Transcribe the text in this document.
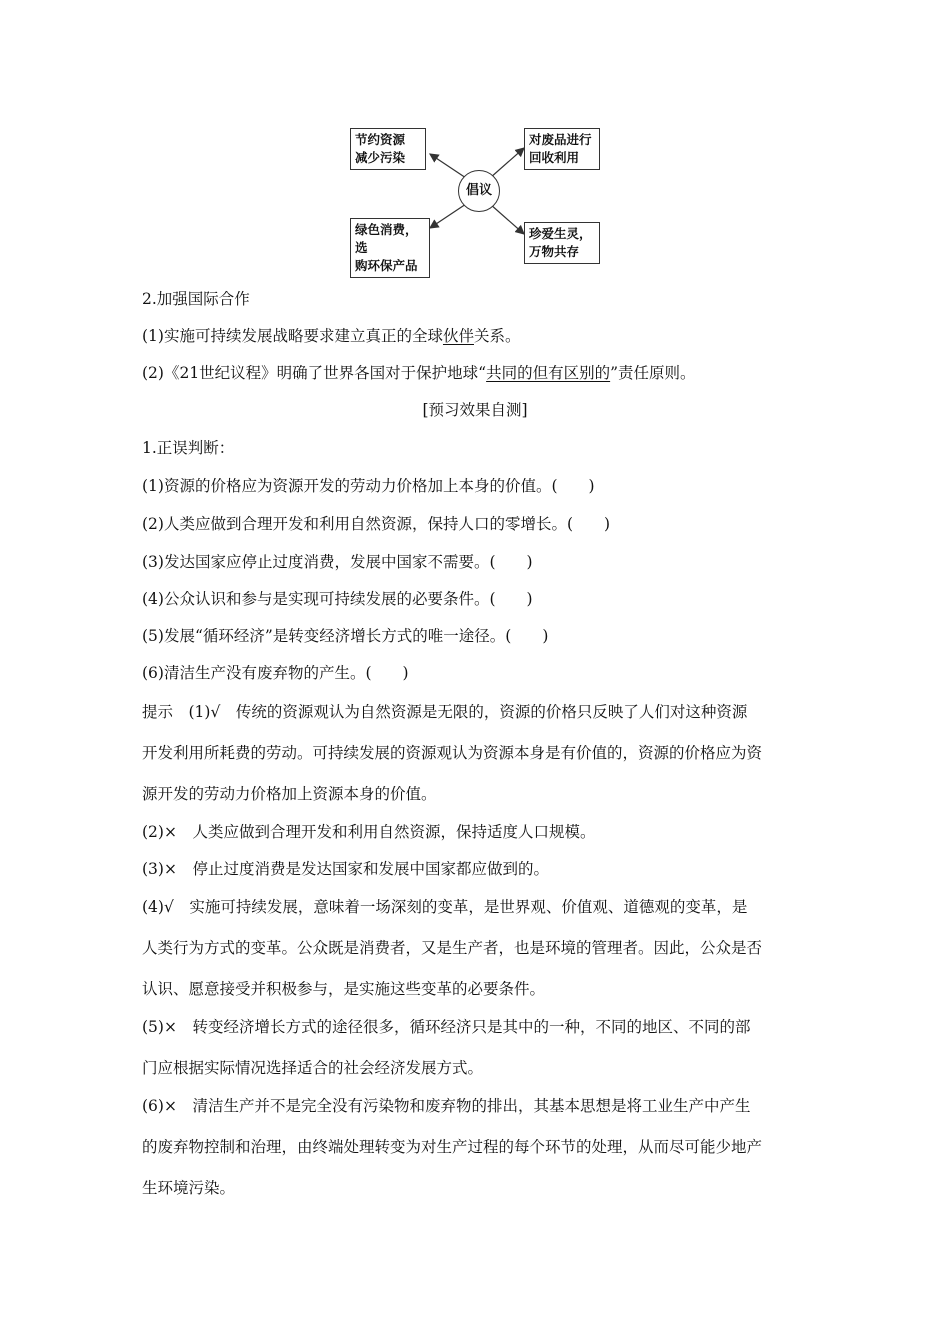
节约资源
减少污染
对废品进行
回收利用
倡议
绿色消费，选
购环保产品
珍爱生灵，
万物共存
2.加强国际合作
(1)实施可持续发展战略要求建立真正的全球伙伴关系。
(2)《21世纪议程》明确了世界各国对于保护地球“共同的但有区别的”责任原则。
[预习效果自测]
1.正误判断：
(1)资源的价格应为资源开发的劳动力价格加上本身的价值。(　　)
(2)人类应做到合理开发和利用自然资源，保持人口的零增长。(　　)
(3)发达国家应停止过度消费，发展中国家不需要。(　　)
(4)公众认识和参与是实现可持续发展的必要条件。(　　)
(5)发展“循环经济”是转变经济增长方式的唯一途径。(　　)
(6)清洁生产没有废弃物的产生。(　　)
提示　(1)√　传统的资源观认为自然资源是无限的，资源的价格只反映了人们对这种资源
开发利用所耗费的劳动。可持续发展的资源观认为资源本身是有价值的，资源的价格应为资
源开发的劳动力价格加上资源本身的价值。
(2)×　人类应做到合理开发和利用自然资源，保持适度人口规模。
(3)×　停止过度消费是发达国家和发展中国家都应做到的。
(4)√　实施可持续发展，意味着一场深刻的变革，是世界观、价值观、道德观的变革，是
人类行为方式的变革。公众既是消费者，又是生产者，也是环境的管理者。因此，公众是否
认识、愿意接受并积极参与，是实施这些变革的必要条件。
(5)×　转变经济增长方式的途径很多，循环经济只是其中的一种，不同的地区、不同的部
门应根据实际情况选择适合的社会经济发展方式。
(6)×　清洁生产并不是完全没有污染物和废弃物的排出，其基本思想是将工业生产中产生
的废弃物控制和治理，由终端处理转变为对生产过程的每个环节的处理，从而尽可能少地产
生环境污染。
